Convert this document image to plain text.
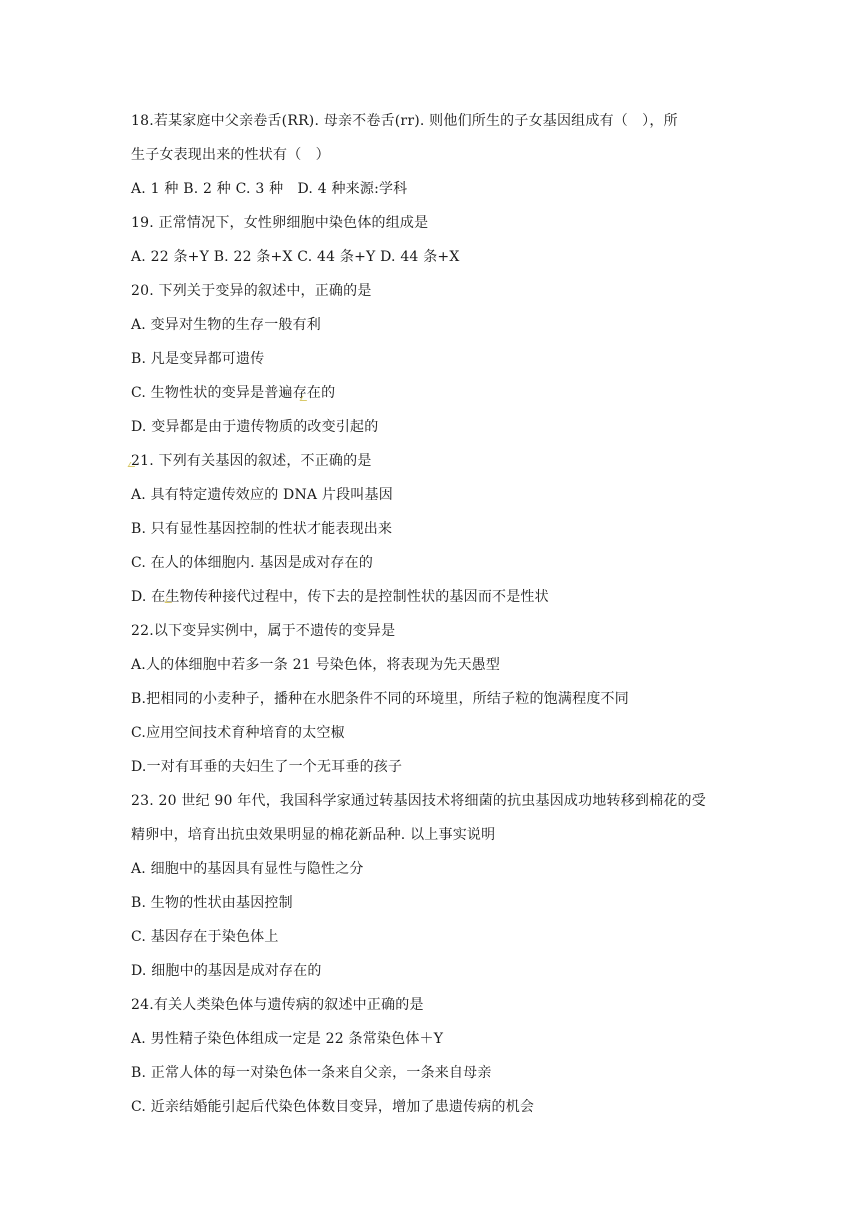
18.若某家庭中父亲卷舌(RR). 母亲不卷舌(rr). 则他们所生的子女基因组成有（　），所
生子女表现出来的性状有（　）
A. 1 种 B. 2 种 C. 3 种　D. 4 种来源:学科
19. 正常情况下，女性卵细胞中染色体的组成是
A. 22 条+Y B. 22 条+X C. 44 条+Y D. 44 条+X
20. 下列关于变异的叙述中，正确的是
A. 变异对生物的生存一般有利
B. 凡是变异都可遗传
C. 生物性状的变异是普遍存在的
D. 变异都是由于遗传物质的改变引起的
21. 下列有关基因的叙述，不正确的是
A. 具有特定遗传效应的 DNA 片段叫基因
B. 只有显性基因控制的性状才能表现出来
C. 在人的体细胞内. 基因是成对存在的
D. 在生物传种接代过程中，传下去的是控制性状的基因而不是性状
22.以下变异实例中，属于不遗传的变异是
A.人的体细胞中若多一条 21 号染色体，将表现为先天愚型
B.把相同的小麦种子，播种在水肥条件不同的环境里，所结子粒的饱满程度不同
C.应用空间技术育种培育的太空椒
D.一对有耳垂的夫妇生了一个无耳垂的孩子
23. 20 世纪 90 年代，我国科学家通过转基因技术将细菌的抗虫基因成功地转移到棉花的受
精卵中，培育出抗虫效果明显的棉花新品种. 以上事实说明
A. 细胞中的基因具有显性与隐性之分
B. 生物的性状由基因控制
C. 基因存在于染色体上
D. 细胞中的基因是成对存在的
24.有关人类染色体与遗传病的叙述中正确的是
A. 男性精子染色体组成一定是 22 条常染色体＋Y
B. 正常人体的每一对染色体一条来自父亲，一条来自母亲
C. 近亲结婚能引起后代染色体数目变异，增加了患遗传病的机会
